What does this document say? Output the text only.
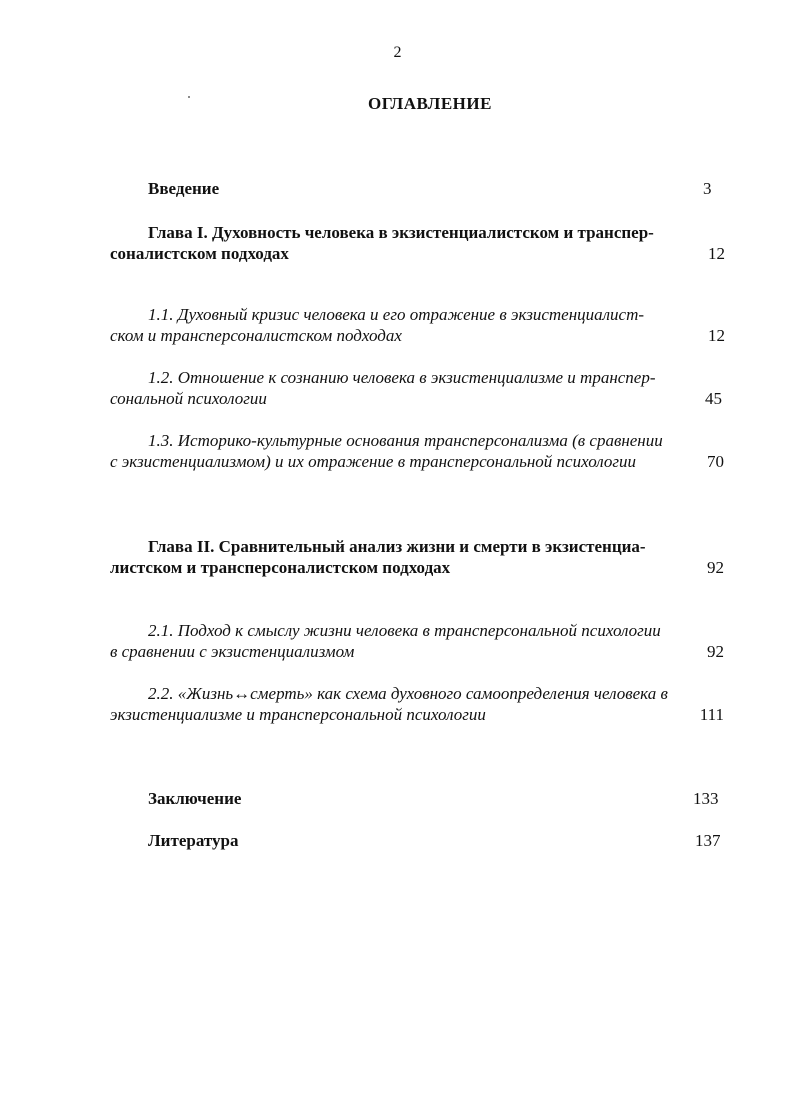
2
ОГЛАВЛЕНИЕ
Введение	3
Глава I. Духовность человека в экзистенциалистском и транспер-
соналистском подходах	12
1.1. Духовный кризис человека и его отражение в экзистенциалист-
ском и трансперсоналистском подходах	12
1.2. Отношение к сознанию человека в экзистенциализме и транспер-
сональной психологии	45
1.3. Историко-культурные основания трансперсонализма (в сравнении
с экзистенциализмом) и их отражение в трансперсональной психологии	70
Глава II. Сравнительный анализ жизни и смерти в экзистенциа-
листском и трансперсоналистском подходах	92
2.1. Подход к смыслу жизни человека в трансперсональной психологии
в сравнении с экзистенциализмом	92
2.2. «Жизнь↔смерть» как схема духовного самоопределения человека в
экзистенциализме и трансперсональной психологии	111
Заключение	133
Литература	137
